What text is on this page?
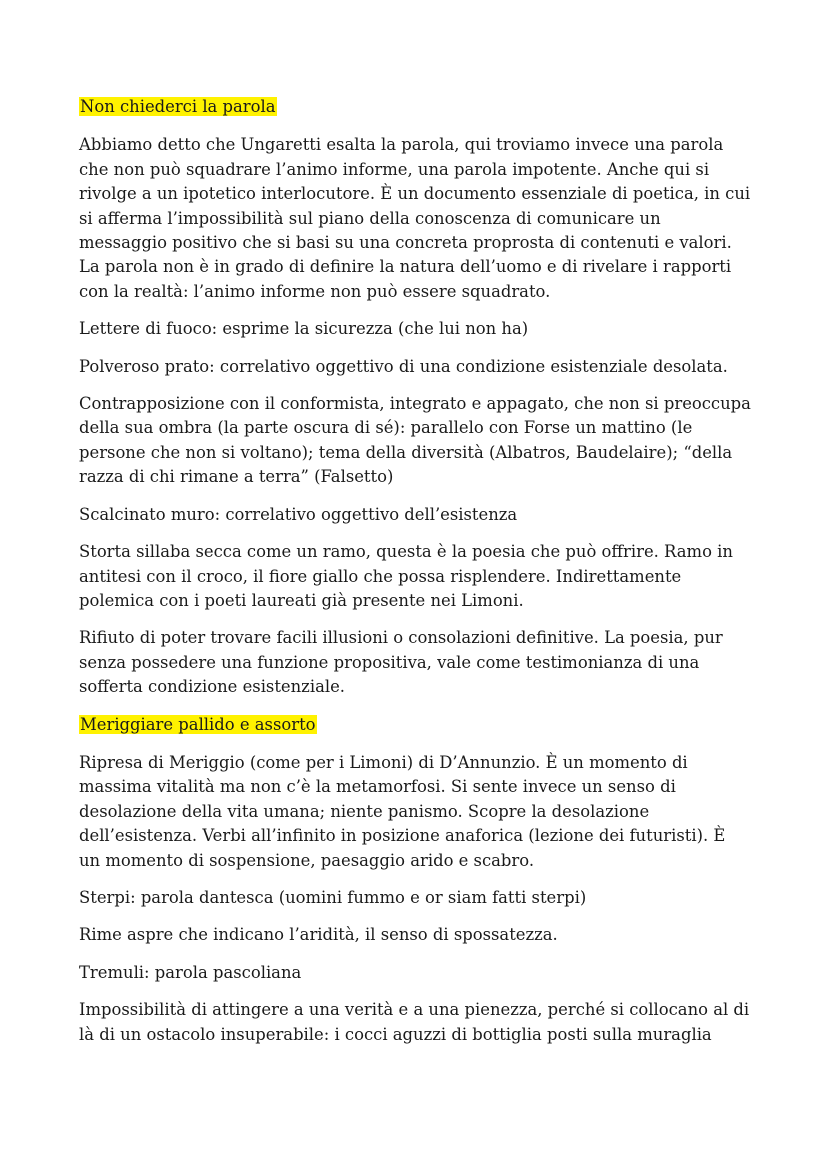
Non chiederci la parola

Abbiamo detto che Ungaretti esalta la parola, qui troviamo invece una parola che non può squadrare l’animo informe, una parola impotente. Anche qui si rivolge a un ipotetico interlocutore. È un documento essenziale di poetica, in cui si afferma l’impossibilità sul piano della conoscenza di comunicare un messaggio positivo che si basi su una concreta proprosta di contenuti e valori. La parola non è in grado di definire la natura dell’uomo e di rivelare i rapporti con la realtà: l’animo informe non può essere squadrato.

Lettere di fuoco: esprime la sicurezza (che lui non ha)

Polveroso prato: correlativo oggettivo di una condizione esistenziale desolata.

Contrapposizione con il conformista, integrato e appagato, che non si preoccupa della sua ombra (la parte oscura di sé): parallelo con Forse un mattino (le persone che non si voltano); tema della diversità (Albatros, Baudelaire); “della razza di chi rimane a terra” (Falsetto)

Scalcinato muro: correlativo oggettivo dell’esistenza

Storta sillaba secca come un ramo, questa è la poesia che può offrire. Ramo in antitesi con il croco, il fiore giallo che possa risplendere. Indirettamente polemica con i poeti laureati già presente nei Limoni.

Rifiuto di poter trovare facili illusioni o consolazioni definitive. La poesia, pur senza possedere una funzione propositiva, vale come testimonianza di una sofferta condizione esistenziale.

Meriggiare pallido e assorto

Ripresa di Meriggio (come per i Limoni) di D’Annunzio. È un momento di massima vitalità ma non c’è la metamorfosi. Si sente invece un senso di desolazione della vita umana; niente panismo. Scopre la desolazione dell’esistenza. Verbi all’infinito in posizione anaforica (lezione dei futuristi). È un momento di sospensione, paesaggio arido e scabro.

Sterpi: parola dantesca (uomini fummo e or siam fatti sterpi)

Rime aspre che indicano l’aridità, il senso di spossatezza.

Tremuli: parola pascoliana

Impossibilità di attingere a una verità e a una pienezza, perché si collocano al di là di un ostacolo insuperabile: i cocci aguzzi di bottiglia posti sulla muraglia
